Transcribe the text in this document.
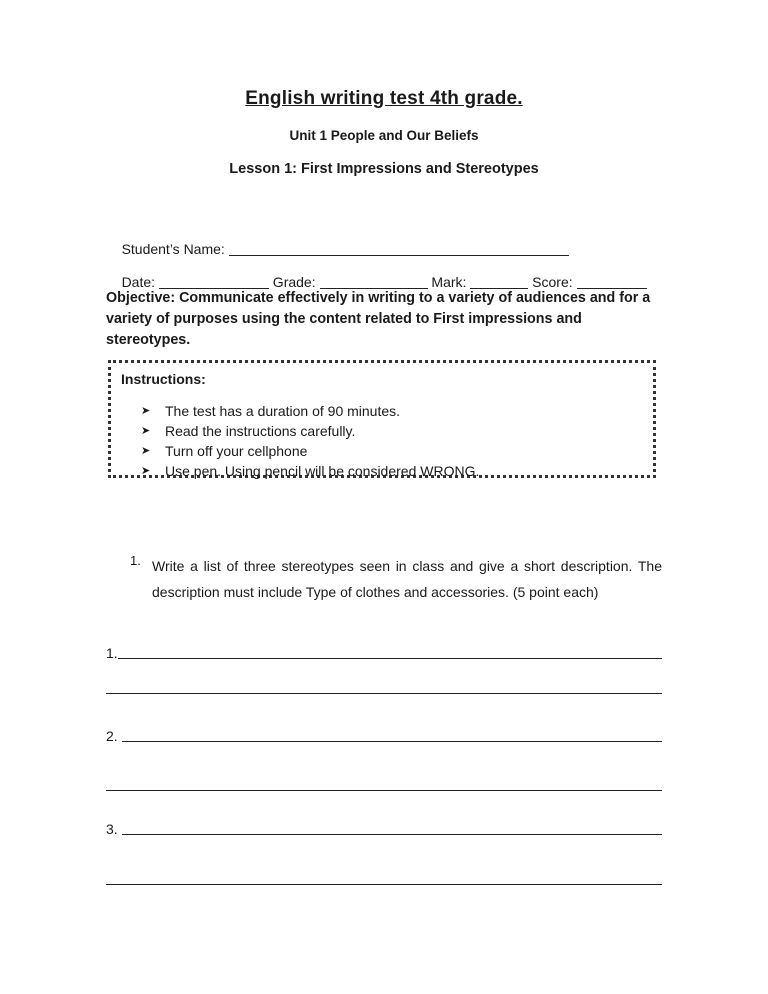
English writing test 4th grade.
Unit 1 People and Our Beliefs
Lesson 1: First Impressions and Stereotypes

Student’s Name:

Date:	Grade:	Mark:	Score:

Objective: Communicate effectively in writing to a variety of audiences and for a variety of purposes using the content related to First impressions and stereotypes.
Instructions:
➤	The test has a duration of 90 minutes.
➤	Read the instructions carefully.
➤	Turn off your cellphone
➤	Use pen. Using pencil will be considered WRONG.
1. Write a list of three stereotypes seen in class and give a short description. The description must include Type of clothes and accessories. (5 point each)
1.
2.
3.
